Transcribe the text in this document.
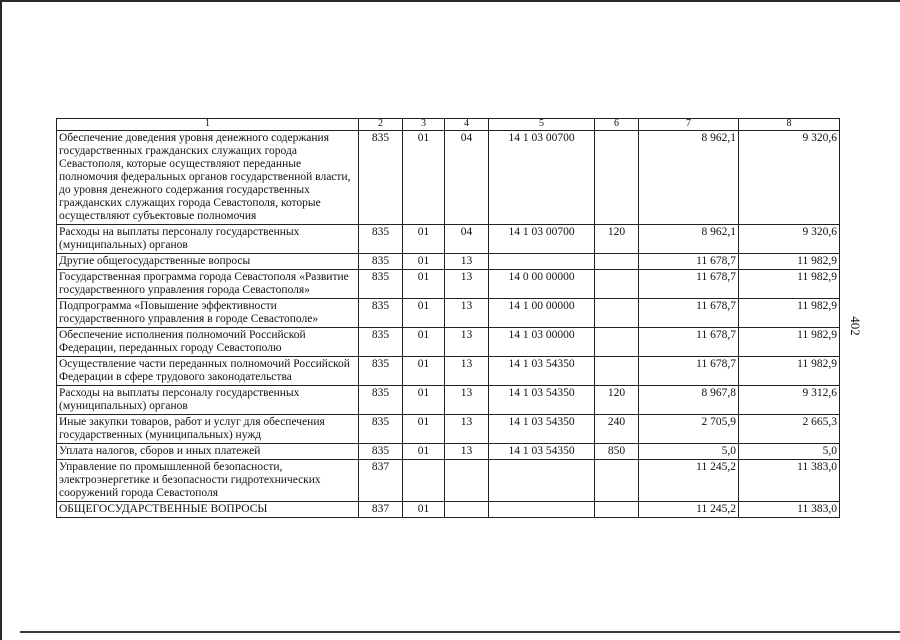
402
1	2	3	4	5	6	7	8
Обеспечение доведения уровня денежного содержания государственных гражданских служащих города Севастополя, которые осуществляют переданные полномочия федеральных органов государственной власти, до уровня денежного содержания государственных гражданских служащих города Севастополя, которые осуществляют субъектовые полномочия	835	01	04	14 1 03 00700		8 962,1	9 320,6
Расходы на выплаты персоналу государственных (муниципальных) органов	835	01	04	14 1 03 00700	120	8 962,1	9 320,6
Другие общегосударственные вопросы	835	01	13			11 678,7	11 982,9
Государственная программа города Севастополя «Развитие государственного управления города Севастополя»	835	01	13	14 0 00 00000		11 678,7	11 982,9
Подпрограмма «Повышение эффективности государственного управления в городе Севастополе»	835	01	13	14 1 00 00000		11 678,7	11 982,9
Обеспечение исполнения полномочий Российской Федерации, переданных городу Севастополю	835	01	13	14 1 03 00000		11 678,7	11 982,9
Осуществление части переданных полномочий Российской Федерации в сфере трудового законодательства	835	01	13	14 1 03 54350		11 678,7	11 982,9
Расходы на выплаты персоналу государственных (муниципальных) органов	835	01	13	14 1 03 54350	120	8 967,8	9 312,6
Иные закупки товаров, работ и услуг для обеспечения государственных (муниципальных) нужд	835	01	13	14 1 03 54350	240	2 705,9	2 665,3
Уплата налогов, сборов и иных платежей	835	01	13	14 1 03 54350	850	5,0	5,0
Управление по промышленной безопасности, электроэнергетике и безопасности гидротехнических сооружений города Севастополя	837					11 245,2	11 383,0
ОБЩЕГОСУДАРСТВЕННЫЕ ВОПРОСЫ	837	01				11 245,2	11 383,0
